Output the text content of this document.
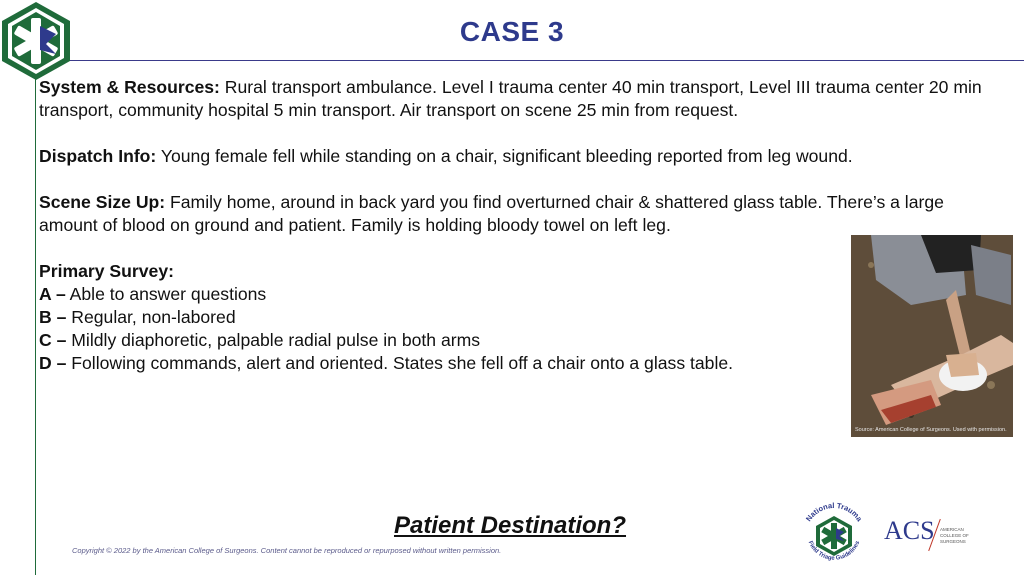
CASE 3

System & Resources: Rural transport ambulance. Level I trauma center 40 min transport, Level III trauma center 20 min transport, community hospital 5 min transport. Air transport on scene 25 min from request.

Dispatch Info: Young female fell while standing on a chair, significant bleeding reported from leg wound.

Scene Size Up: Family home, around in back yard you find overturned chair & shattered glass table. There’s a large amount of blood on ground and patient. Family is holding bloody towel on left leg.

Primary Survey:

A – Able to answer questions

B – Regular, non-labored

C – Mildly diaphoretic, palpable radial pulse in both arms

D – Following commands, alert and oriented. States she fell off a chair onto a glass table.

Source: American College of Surgeons. Used with permission.
Patient Destination?
Copyright © 2022 by the American College of Surgeons. Content cannot be reproduced or repurposed without written permission.
National Trauma
Field Triage Guidelines ACS AMERICAN COLLEGE OF SURGEONS
